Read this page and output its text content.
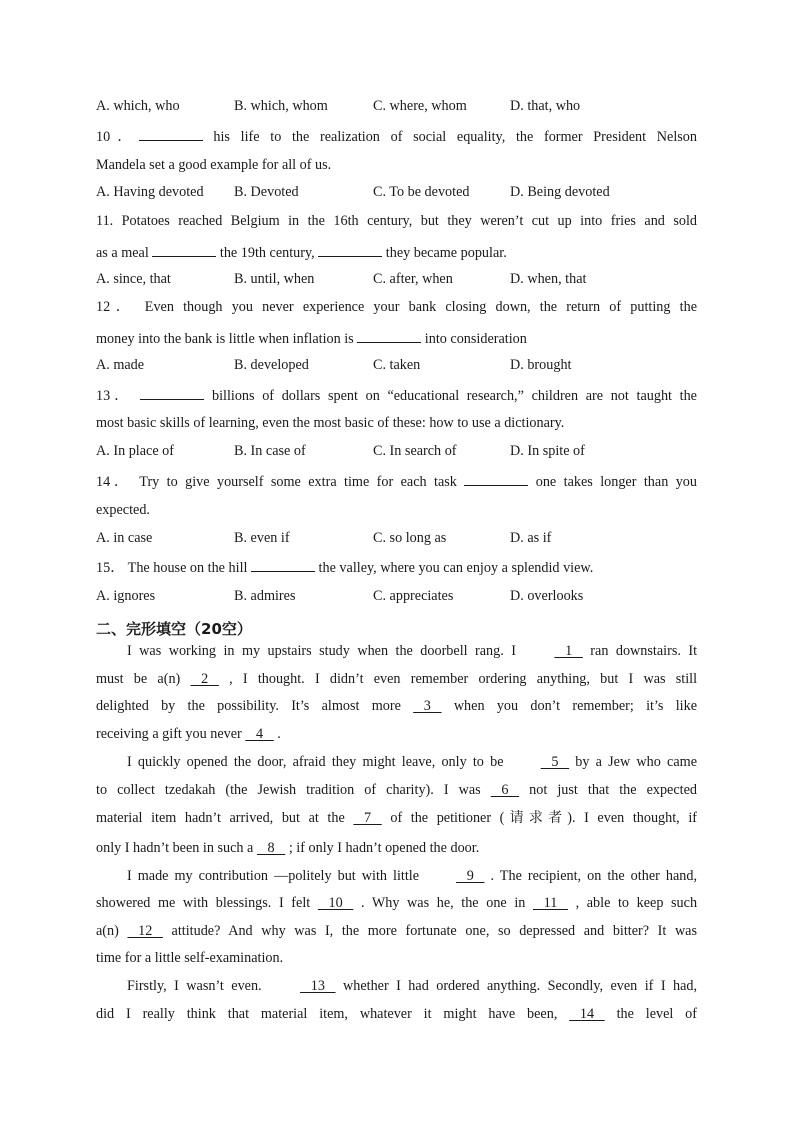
A. which, who	B. which, whom	C. where, whom	D. that, who
10．	his life to the realization of social equality, the former President Nelson
Mandela set a good example for all of us.
A. Having devoted B. Devoted	C. To be devoted	D. Being devoted
11. Potatoes reached Belgium in the 16th century, but they weren’t cut up into fries and sold
as a meal	the 19th century,	they became popular.
A. since, that	B. until, when	C. after, when	D. when, that
12． Even though you never experience your bank closing down, the return of putting the
money into the bank is little when inflation is	into consideration
A. made	B. developed	C. taken	D. brought
13．	billions of dollars spent on “educational research,” children are not taught the
most basic skills of learning, even the most basic of these: how to use a dictionary.
A. In place of	B. In case of	C. In search of	D. In spite of
14． Try to give yourself some extra time for each task	one takes longer than you
expected.
A. in case	B. even if	C. so long as	D. as if
15． The house on the hill	the valley, where you can enjoy a splendid view.
A. ignores	B. admires	C. appreciates	D. overlooks
二、完形填空（20空）
I was working in my upstairs study when the doorbell rang. I	1    ran downstairs. It
must be a(n)    2    , I thought. I didn’t even remember ordering anything, but I was still
delighted by the possibility. It’s almost more    3    when you don’t remember; it’s like
receiving a gift you never    4    .
I quickly opened the door, afraid they might leave, only to be	5    by a Jew who came
to collect tzedakah (the Jewish tradition of charity). I was    6    not just that the expected
material item hadn’t arrived, but at the    7    of the petitioner (请求者). I even thought, if
only I hadn’t been in such a    8    ; if only I hadn’t opened the door.
I made my contribution —politely but with little	9    . The recipient, on the other hand,
showered me with blessings. I felt    10    . Why was he, the one in    11    , able to keep such
a(n)    12    attitude? And why was I, the more fortunate one, so depressed and bitter? It was
time for a little self-examination.
Firstly, I wasn’t even.	13    whether I had ordered anything. Secondly, even if I had,
did I really think that material item, whatever it might have been,    14    the level of
